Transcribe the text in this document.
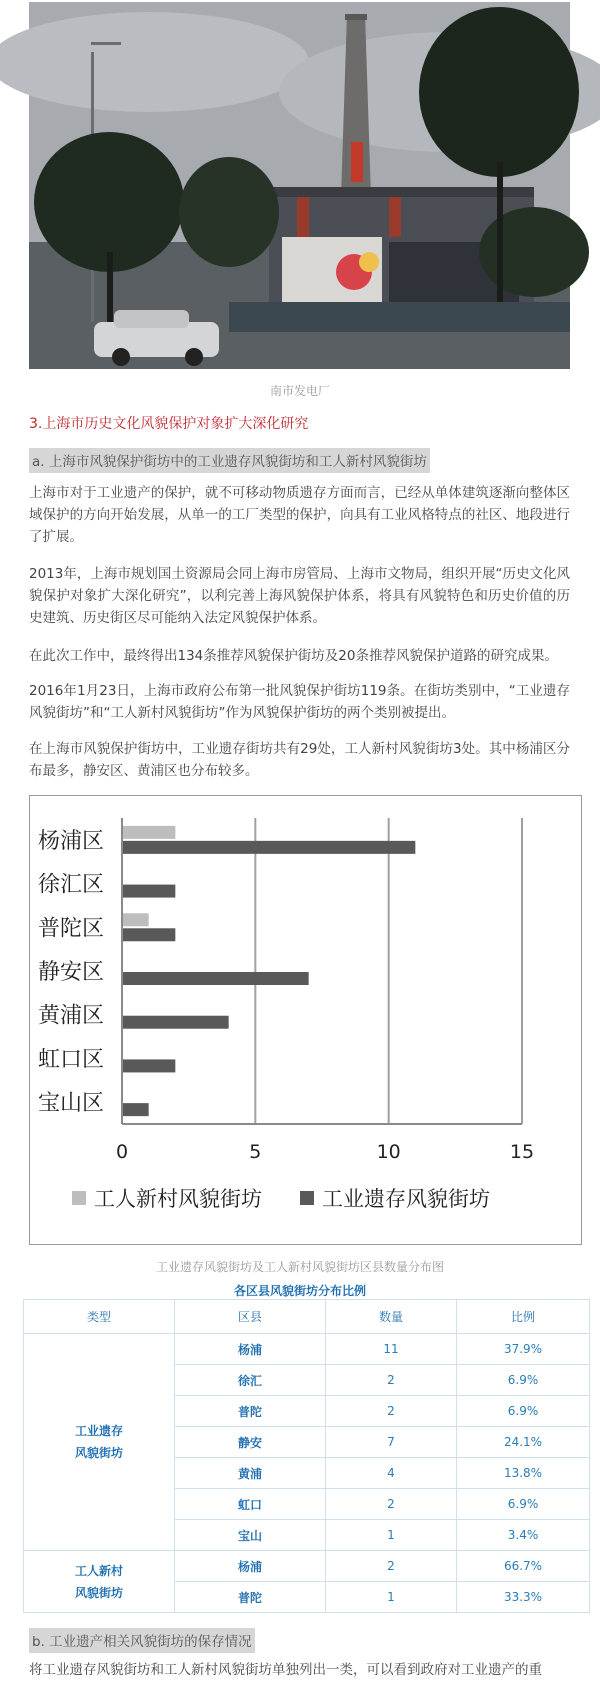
南市发电厂
3.上海市历史文化风貌保护对象扩大深化研究
a. 上海市风貌保护街坊中的工业遗存风貌街坊和工人新村风貌街坊

上海市对于工业遗产的保护，就不可移动物质遗存方面而言，已经从单体建筑逐渐向整体区域保护的方向开始发展，从单一的工厂类型的保护，向具有工业风格特点的社区、地段进行了扩展。

2013年，上海市规划国土资源局会同上海市房管局、上海市文物局，组织开展“历史文化风貌保护对象扩大深化研究”，以利完善上海风貌保护体系，将具有风貌特色和历史价值的历史建筑、历史街区尽可能纳入法定风貌保护体系。

在此次工作中，最终得出134条推荐风貌保护街坊及20条推荐风貌保护道路的研究成果。

2016年1月23日，上海市政府公布第一批风貌保护街坊119条。在街坊类别中，“工业遗存风貌街坊”和“工人新村风貌街坊”作为风貌保护街坊的两个类别被提出。

在上海市风貌保护街坊中，工业遗存街坊共有29处，工人新村风貌街坊3处。其中杨浦区分布最多，静安区、黄浦区也分布较多。

杨浦区
徐汇区
普陀区
静安区
黄浦区
虹口区
宝山区
0	5	10	15
工人新村风貌街坊	工业遗存风貌街坊
工业遗存风貌街坊及工人新村风貌街坊区县数量分布图
各区县风貌街坊分布比例
类型	区县	数量	比例
工业遗存
风貌街坊	杨浦	11	37.9%
	徐汇	2	6.9%
	普陀	2	6.9%
	静安	7	24.1%
	黄浦	4	13.8%
	虹口	2	6.9%
	宝山	1	3.4%
工人新村
风貌街坊	杨浦	2	66.7%
	普陀	1	33.3%
b. 工业遗产相关风貌街坊的保存情况

将工业遗存风貌街坊和工人新村风貌街坊单独列出一类，可以看到政府对工业遗产的重
